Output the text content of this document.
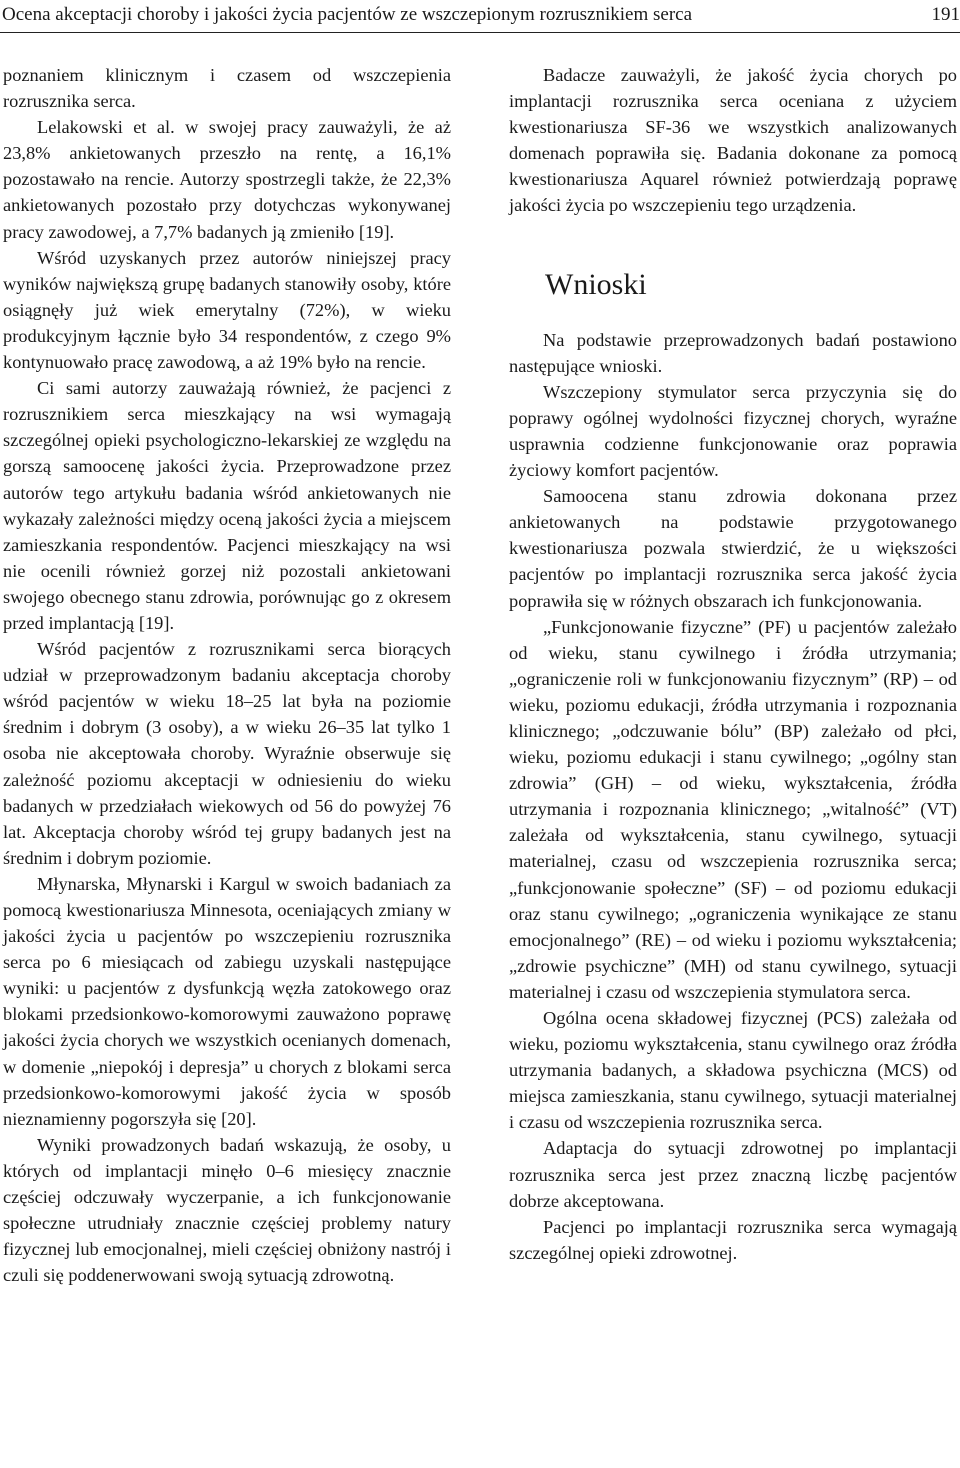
Ocena akceptacji choroby i jakości życia pacjentów ze wszczepionym rozrusznikiem serca	191

poznaniem klinicznym i czasem od wszczepienia rozrusznika serca.

Lelakowski et al. w swojej pracy zauważyli, że aż 23,8% ankietowanych przeszło na rentę, a 16,1% pozostawało na rencie. Autorzy spostrzegli także, że 22,3% ankietowanych pozostało przy dotychczas wykonywanej pracy zawodowej, a 7,7% badanych ją zmieniło [19].

Wśród uzyskanych przez autorów niniejszej pracy wyników największą grupę badanych stanowiły osoby, które osiągnęły już wiek emerytalny (72%), w wieku produkcyjnym łącznie było 34 respondentów, z czego 9% kontynuowało pracę zawodową, a aż 19% było na rencie.

Ci sami autorzy zauważają również, że pacjenci z rozrusznikiem serca mieszkający na wsi wymagają szczególnej opieki psychologiczno-lekarskiej ze względu na gorszą samoocenę jakości życia. Przeprowadzone przez autorów tego artykułu badania wśród ankietowanych nie wykazały zależności między oceną jakości życia a miejscem zamieszkania respondentów. Pacjenci mieszkający na wsi nie ocenili również gorzej niż pozostali ankietowani swojego obecnego stanu zdrowia, porównując go z okresem przed implantacją [19].

Wśród pacjentów z rozrusznikami serca biorących udział w przeprowadzonym badaniu akceptacja choroby wśród pacjentów w wieku 18–25 lat była na poziomie średnim i dobrym (3 osoby), a w wieku 26–35 lat tylko 1 osoba nie akceptowała choroby. Wyraźnie obserwuje się zależność poziomu akceptacji w odniesieniu do wieku badanych w przedziałach wiekowych od 56 do powyżej 76 lat. Akceptacja choroby wśród tej grupy badanych jest na średnim i dobrym poziomie.

Młynarska, Młynarski i Kargul w swoich badaniach za pomocą kwestionariusza Minnesota, oceniających zmiany w jakości życia u pacjentów po wszczepieniu rozrusznika serca po 6 miesiącach od zabiegu uzyskali następujące wyniki: u pacjentów z dysfunkcją węzła zatokowego oraz blokami przedsionkowo-komorowymi zauważono poprawę jakości życia chorych we wszystkich ocenianych domenach, w domenie „niepokój i depresja” u chorych z blokami serca przedsionkowo-komorowymi jakość życia w sposób nieznamienny pogorszyła się [20].

Wyniki prowadzonych badań wskazują, że osoby, u których od implantacji minęło 0–6 miesięcy znacznie częściej odczuwały wyczerpanie, a ich funkcjonowanie społeczne utrudniały znacznie częściej problemy natury fizycznej lub emocjonalnej, mieli częściej obniżony nastrój i czuli się poddenerwowani swoją sytuacją zdrowotną.

Badacze zauważyli, że jakość życia chorych po implantacji rozrusznika serca oceniana z użyciem kwestionariusza SF-36 we wszystkich analizowanych domenach poprawiła się. Badania dokonane za pomocą kwestionariusza Aquarel również potwierdzają poprawę jakości życia po wszczepieniu tego urządzenia.

Wnioski

Na podstawie przeprowadzonych badań postawiono następujące wnioski.

Wszczepiony stymulator serca przyczynia się do poprawy ogólnej wydolności fizycznej chorych, wyraźne usprawnia codzienne funkcjonowanie oraz poprawia życiowy komfort pacjentów.

Samoocena stanu zdrowia dokonana przez ankietowanych na podstawie przygotowanego kwestionariusza pozwala stwierdzić, że u większości pacjentów po implantacji rozrusznika serca jakość życia poprawiła się w różnych obszarach ich funkcjonowania.

„Funkcjonowanie fizyczne” (PF) u pacjentów zależało od wieku, stanu cywilnego i źródła utrzymania; „ograniczenie roli w funkcjonowaniu fizycznym” (RP) – od wieku, poziomu edukacji, źródła utrzymania i rozpoznania klinicznego; „odczuwanie bólu” (BP) zależało od płci, wieku, poziomu edukacji i stanu cywilnego; „ogólny stan zdrowia” (GH) – od wieku, wykształcenia, źródła utrzymania i rozpoznania klinicznego; „witalność” (VT) zależała od wykształcenia, stanu cywilnego, sytuacji materialnej, czasu od wszczepienia rozrusznika serca; „funkcjonowanie społeczne” (SF) – od poziomu edukacji oraz stanu cywilnego; „ograniczenia wynikające ze stanu emocjonalnego” (RE) – od wieku i poziomu wykształcenia; „zdrowie psychiczne” (MH) od stanu cywilnego, sytuacji materialnej i czasu od wszczepienia stymulatora serca.

Ogólna ocena składowej fizycznej (PCS) zależała od wieku, poziomu wykształcenia, stanu cywilnego oraz źródła utrzymania badanych, a składowa psychiczna (MCS) od miejsca zamieszkania, stanu cywilnego, sytuacji materialnej i czasu od wszczepienia rozrusznika serca.

Adaptacja do sytuacji zdrowotnej po implantacji rozrusznika serca jest przez znaczną liczbę pacjentów dobrze akceptowana.

Pacjenci po implantacji rozrusznika serca wymagają szczególnej opieki zdrowotnej.
